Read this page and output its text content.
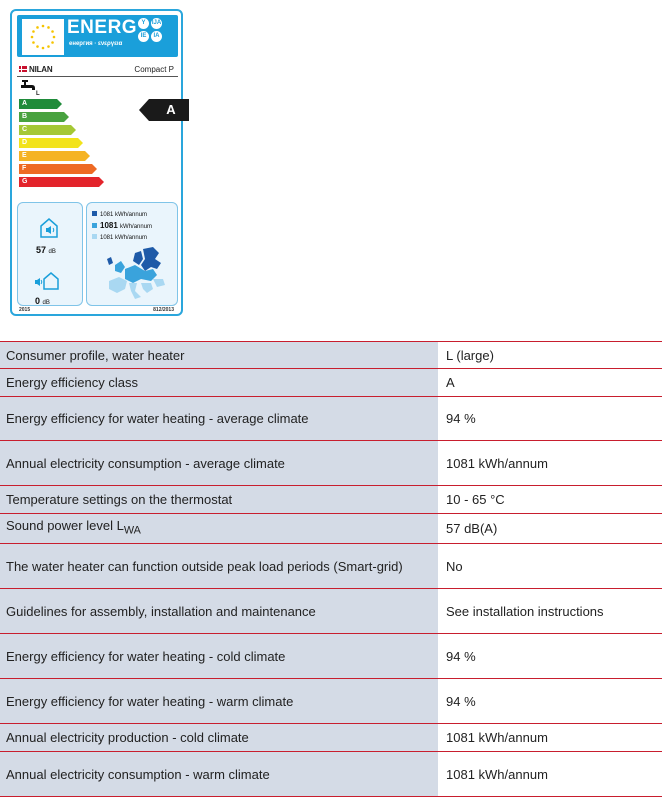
ENERG
енергия · ενεργεια
Y	IJA
IE	IA
NILAN	Compact P
L
A
B
C
D
E
F
G
A
57 dB
0 dB
1081 kWh/annum
1081 kWh/annum
1081 kWh/annum
2015	812/2013
Consumer profile, water heater	L (large)
Energy efficiency class	A
Energy efficiency for water heating - average climate	94 %
Annual electricity consumption - average climate	1081 kWh/annum
Temperature settings on the thermostat	10 - 65 °C
Sound power level $L_{WA}$	57 dB(A)
The water heater can function outside peak load periods (Smart-grid)	No
Guidelines for assembly, installation and maintenance	See installation instructions
Energy efficiency for water heating - cold climate	94 %
Energy efficiency for water heating - warm climate	94 %
Annual electricity production - cold climate	1081 kWh/annum
Annual electricity consumption - warm climate	1081 kWh/annum
